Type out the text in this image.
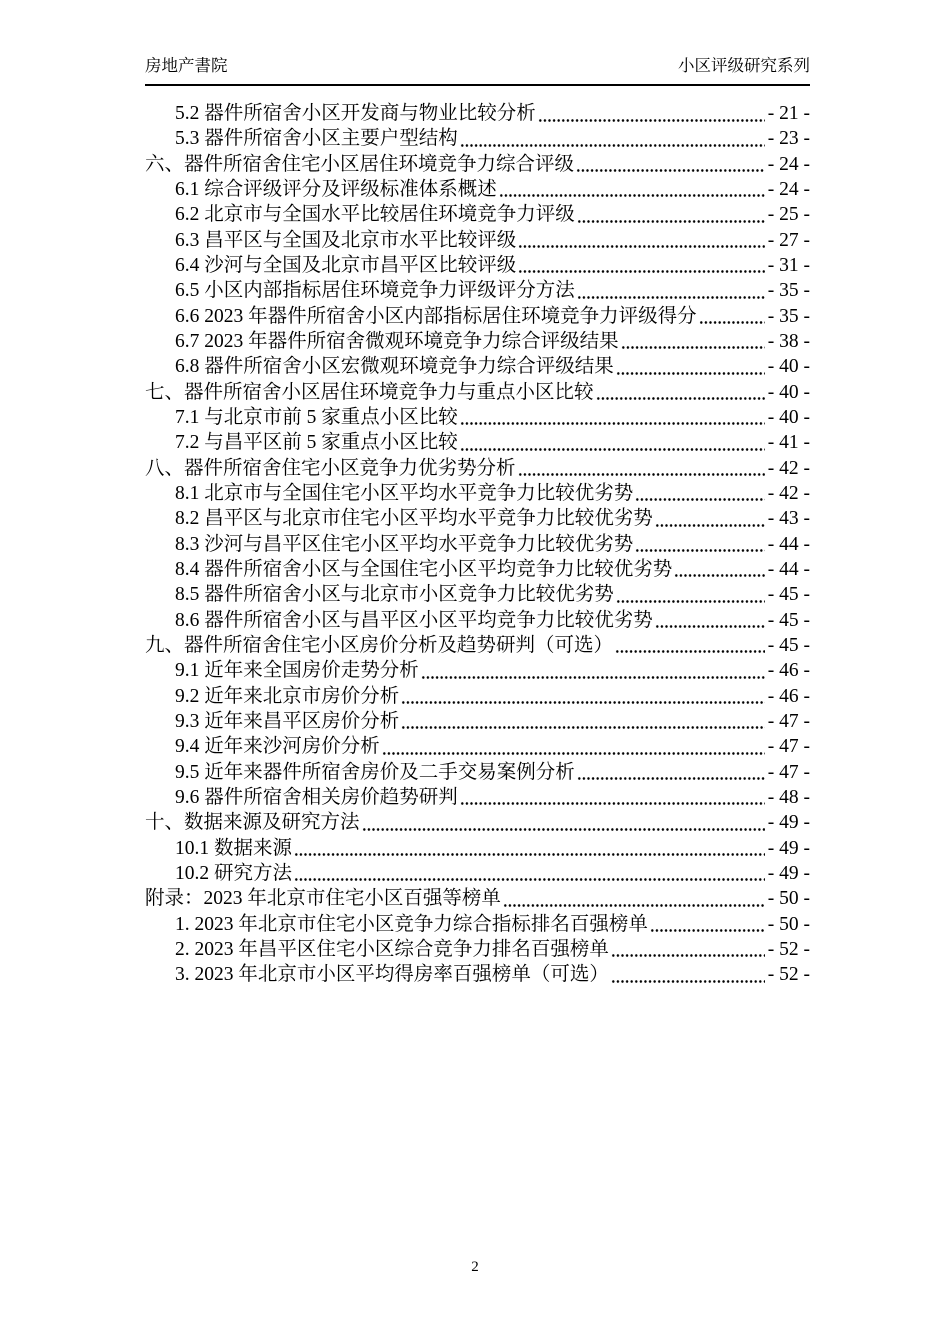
房地产書院	小区评级研究系列
5.2 器件所宿舍小区开发商与物业比较分析	- 21 -
5.3 器件所宿舍小区主要户型结构	- 23 -
六、器件所宿舍住宅小区居住环境竞争力综合评级	- 24 -
6.1 综合评级评分及评级标准体系概述	- 24 -
6.2 北京市与全国水平比较居住环境竞争力评级	- 25 -
6.3 昌平区与全国及北京市水平比较评级	- 27 -
6.4 沙河与全国及北京市昌平区比较评级	- 31 -
6.5 小区内部指标居住环境竞争力评级评分方法	- 35 -
6.6 2023 年器件所宿舍小区内部指标居住环境竞争力评级得分	- 35 -
6.7 2023 年器件所宿舍微观环境竞争力综合评级结果	- 38 -
6.8 器件所宿舍小区宏微观环境竞争力综合评级结果	- 40 -
七、器件所宿舍小区居住环境竞争力与重点小区比较	- 40 -
7.1 与北京市前 5 家重点小区比较	- 40 -
7.2 与昌平区前 5 家重点小区比较	- 41 -
八、器件所宿舍住宅小区竞争力优劣势分析	- 42 -
8.1 北京市与全国住宅小区平均水平竞争力比较优劣势	- 42 -
8.2 昌平区与北京市住宅小区平均水平竞争力比较优劣势	- 43 -
8.3 沙河与昌平区住宅小区平均水平竞争力比较优劣势	- 44 -
8.4 器件所宿舍小区与全国住宅小区平均竞争力比较优劣势	- 44 -
8.5 器件所宿舍小区与北京市小区竞争力比较优劣势	- 45 -
8.6 器件所宿舍小区与昌平区小区平均竞争力比较优劣势	- 45 -
九、器件所宿舍住宅小区房价分析及趋势研判（可选）	- 45 -
9.1 近年来全国房价走势分析	- 46 -
9.2 近年来北京市房价分析	- 46 -
9.3 近年来昌平区房价分析	- 47 -
9.4 近年来沙河房价分析	- 47 -
9.5 近年来器件所宿舍房价及二手交易案例分析	- 47 -
9.6 器件所宿舍相关房价趋势研判	- 48 -
十、数据来源及研究方法	- 49 -
10.1 数据来源	- 49 -
10.2 研究方法	- 49 -
附录：2023 年北京市住宅小区百强等榜单	- 50 -
1. 2023 年北京市住宅小区竞争力综合指标排名百强榜单	- 50 -
2. 2023 年昌平区住宅小区综合竞争力排名百强榜单	- 52 -
3. 2023 年北京市小区平均得房率百强榜单（可选）	- 52 -
2
